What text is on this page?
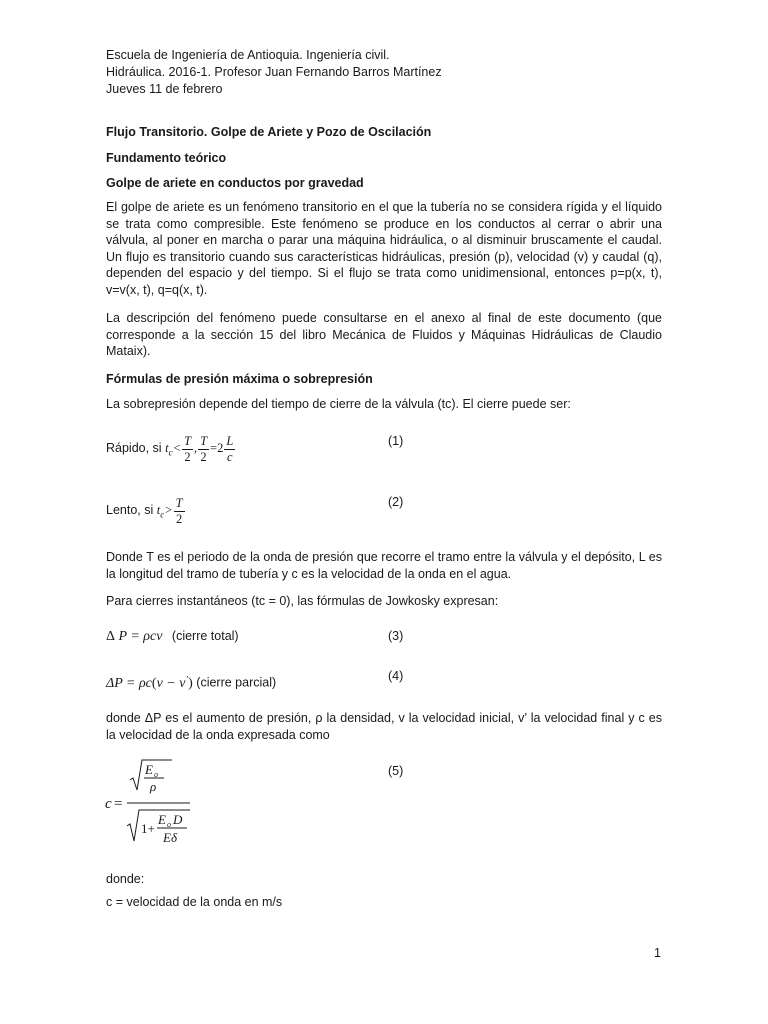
Escuela de Ingeniería de Antioquia. Ingeniería civil.
Hidráulica. 2016-1. Profesor Juan Fernando Barros Martínez
Jueves 11 de febrero
Flujo Transitorio. Golpe de Ariete y Pozo de Oscilación
Fundamento teórico
Golpe de ariete en conductos por gravedad
El golpe de ariete es un fenómeno transitorio en el que la tubería no se considera rígida y el líquido se trata como compresible. Este fenómeno se produce en los conductos al cerrar o abrir una válvula, al poner en marcha o parar una máquina hidráulica, o al disminuir bruscamente el caudal. Un flujo es transitorio cuando sus características hidráulicas, presión (p), velocidad (v) y caudal (q), dependen del espacio y del tiempo. Si el flujo se trata como unidimensional, entonces p=p(x, t), v=v(x, t), q=q(x, t).
La descripción del fenómeno puede consultarse en el anexo al final de este documento (que corresponde a la sección 15 del libro Mecánica de Fluidos y Máquinas Hidráulicas de Claudio Mataix).
Fórmulas de presión máxima o sobrepresión
La sobrepresión depende del tiempo de cierre de la válvula (tc). El cierre puede ser:
Rápido, si $t_c< \frac{T}{2}$ , $\frac{T}{2} =2 \frac{L}{c}$	(1)
Lento, si $t_c> \frac{T}{2}$	(2)
Donde T es el periodo de la onda de presión que recorre el tramo entre la válvula y el depósito, L es la longitud del tramo de tubería y c es la velocidad de la onda en el agua.
Para cierres instantáneos (tc = 0), las fórmulas de Jowkosky expresan:
Δ P = ρcv (cierre total)	(3)
ΔP = ρc(v − v’) (cierre parcial)	(4)
donde ΔP es el aumento de presión, ρ la densidad, v la velocidad inicial, v’ la velocidad final y c es la velocidad de la onda expresada como
c =
E o
ρ
1+
E o D
Eδ
(5)
donde:
c = velocidad de la onda en m/s
1
